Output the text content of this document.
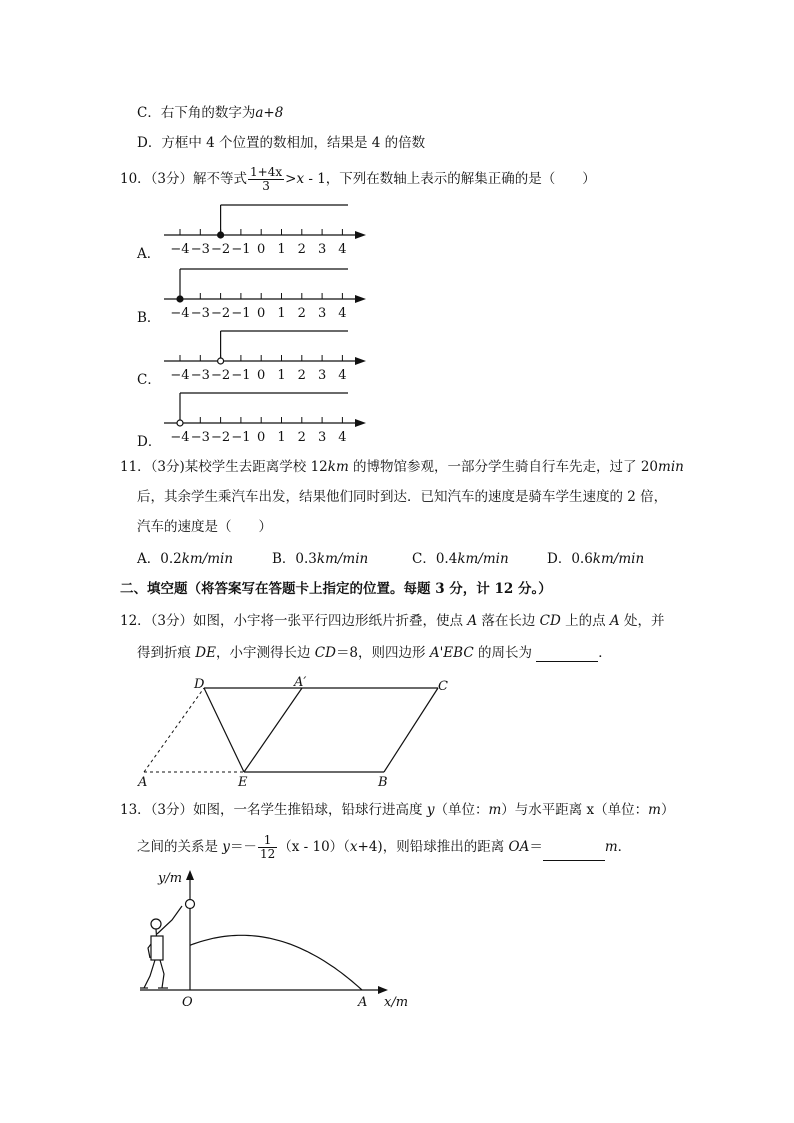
C．右下角的数字为a+8
D．方框中 4 个位置的数相加，结果是 4 的倍数
10．（3分）解不等式 $\frac{1+4x}{3} >x - 1$，下列在数轴上表示的解集正确的是（　　）
A． −4 −3 −2 −1 0 1 2 3 4
B． −4 −3 −2 −1 0 1 2 3 4
C． −4 −3 −2 −1 0 1 2 3 4
D． −4 −3 −2 −1 0 1 2 3 4
11．（3分)某校学生去距离学校 12km 的博物馆参观，一部分学生骑自行车先走，过了 20min
后，其余学生乘汽车出发，结果他们同时到达．已知汽车的速度是骑车学生速度的 2 倍，
汽车的速度是（　　）
A．0.2km/min	B．0.3km/min	C．0.4km/min	D．0.6km/min
二、填空题（将答案写在答题卡上指定的位置。每题 3 分，计 12 分。）
12．（3分）如图，小宇将一张平行四边形纸片折叠，使点 A 落在长边 CD 上的点 A 处，并
得到折痕 DE，小宇测得长边 CD＝8，则四边形 A'EBC 的周长为	．
D	A′	C
A	E	B
13．（3分）如图，一名学生推铅球，铅球行进高度 y（单位：m）与水平距离 x（单位：m）
之间的关系是 $y=- \frac{1}{12} (x - 10)(x+4)$，则铅球推出的距离 OA＝	m．
y/m
O	A x/m
